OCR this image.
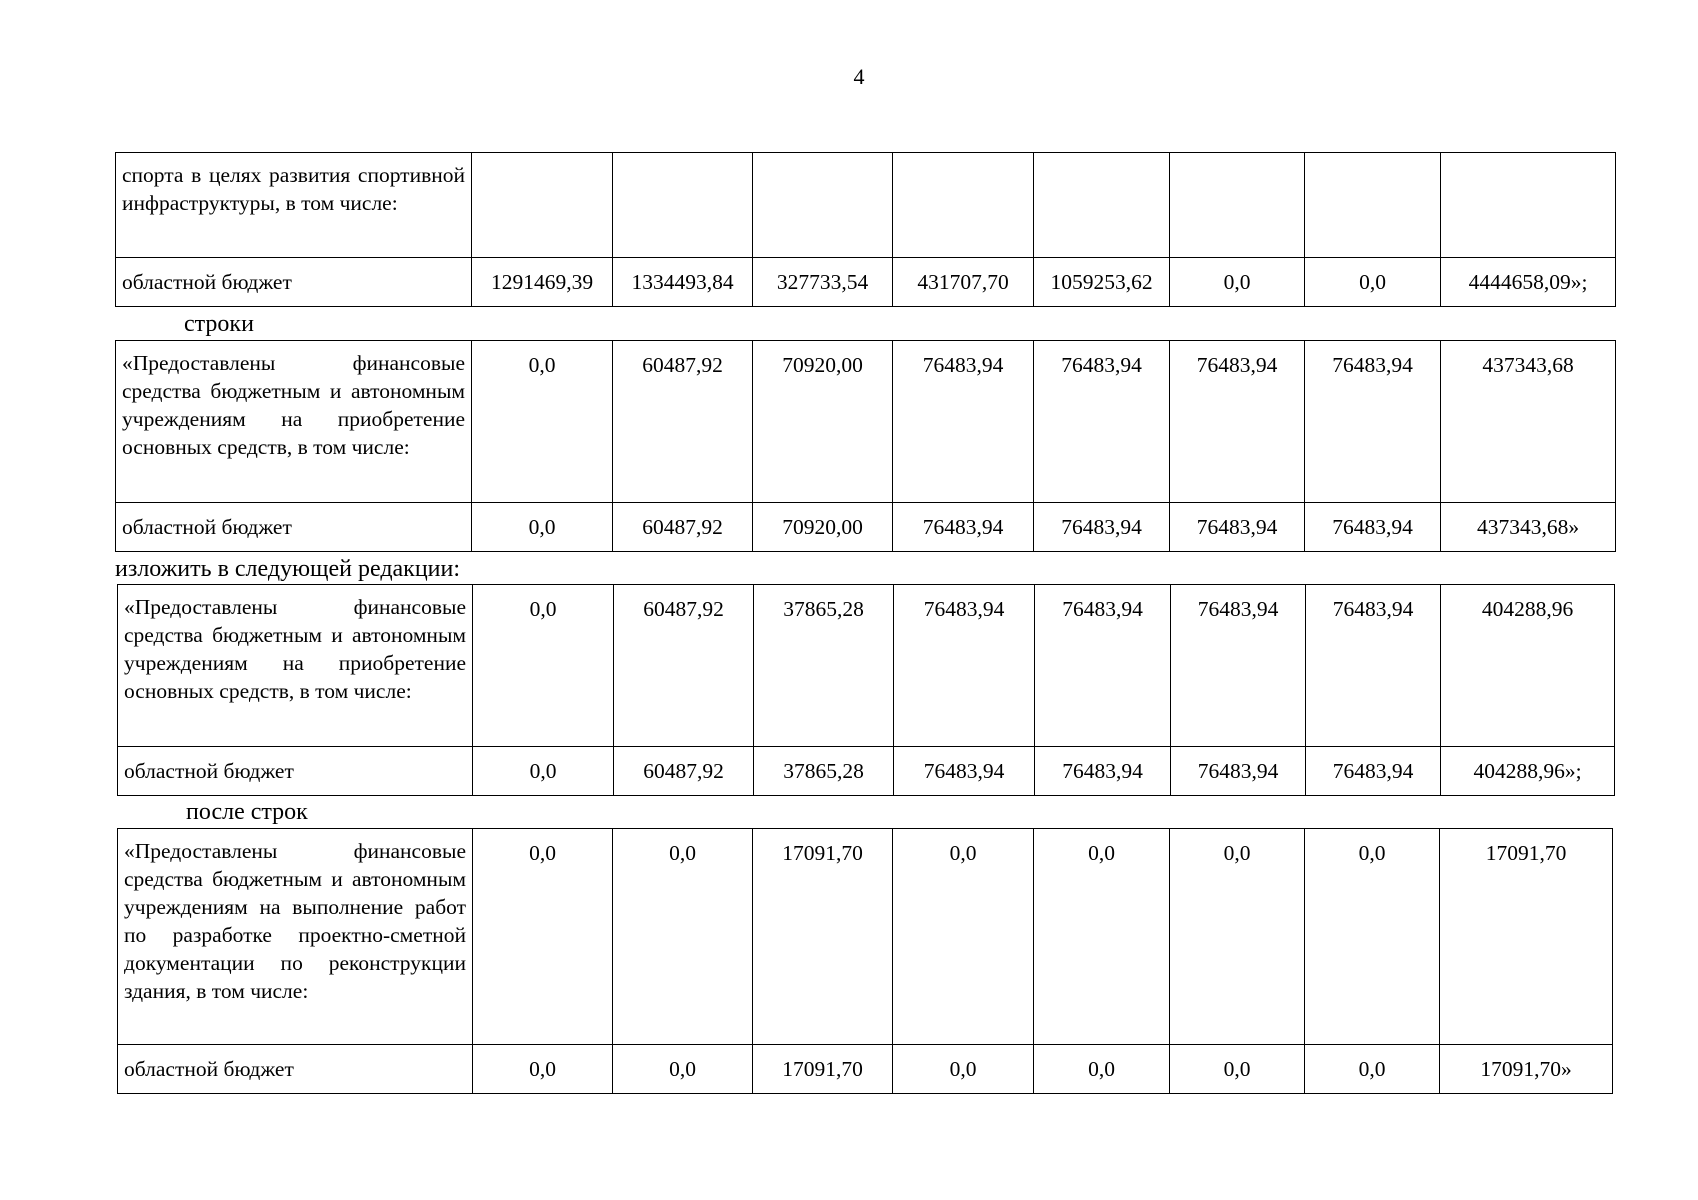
4
спорта в целях развития спортивной инфраструктуры, в том числе:								
областной бюджет	1291469,39	1334493,84	327733,54	431707,70	1059253,62	0,0	0,0	4444658,09»;
строки
«Предоставлены финансовые средства бюджетным и автономным учреждениям на приобретение основных средств, в том числе:	0,0	60487,92	70920,00	76483,94	76483,94	76483,94	76483,94	437343,68
областной бюджет	0,0	60487,92	70920,00	76483,94	76483,94	76483,94	76483,94	437343,68»
изложить в следующей редакции:
«Предоставлены финансовые средства бюджетным и автономным учреждениям на приобретение основных средств, в том числе:	0,0	60487,92	37865,28	76483,94	76483,94	76483,94	76483,94	404288,96
областной бюджет	0,0	60487,92	37865,28	76483,94	76483,94	76483,94	76483,94	404288,96»;
после строк
«Предоставлены финансовые средства бюджетным и автономным учреждениям на выполнение работ по разработке проектно-сметной документации по реконструкции здания, в том числе:	0,0	0,0	17091,70	0,0	0,0	0,0	0,0	17091,70
областной бюджет	0,0	0,0	17091,70	0,0	0,0	0,0	0,0	17091,70»
